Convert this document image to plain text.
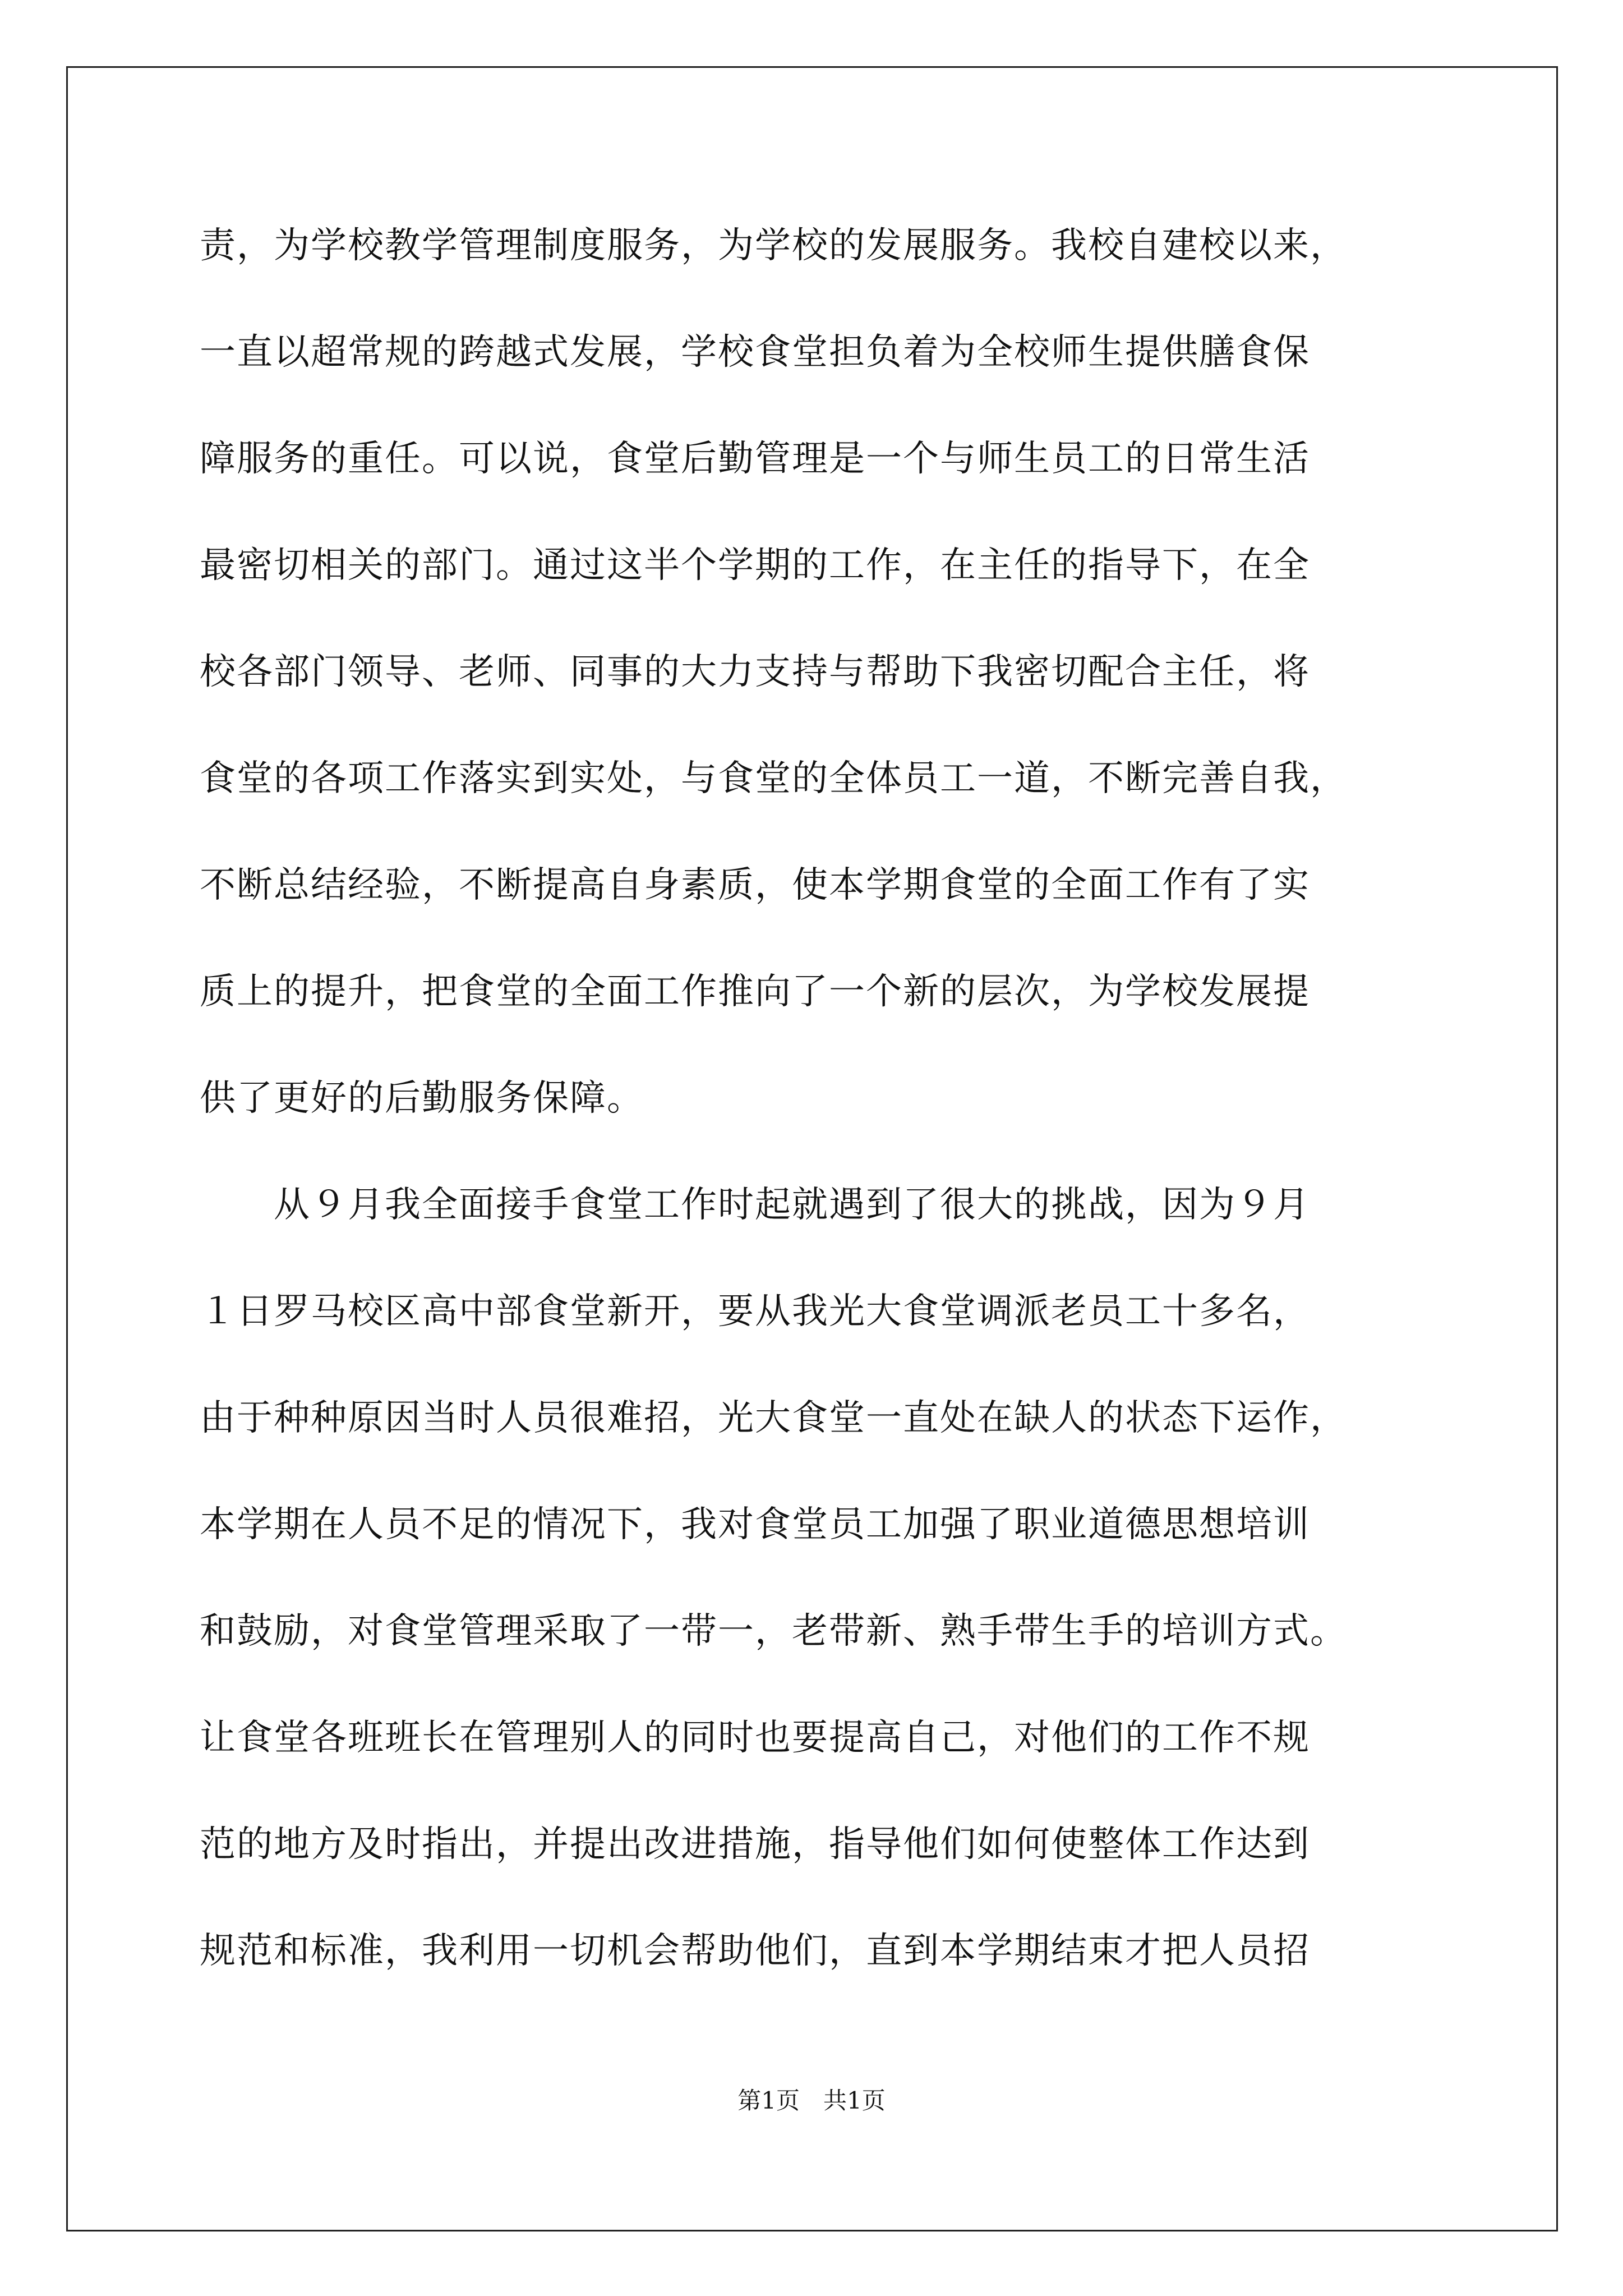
责，为学校教学管理制度服务，为学校的发展服务。我校自建校以来，
一直以超常规的跨越式发展，学校食堂担负着为全校师生提供膳食保
障服务的重任。可以说，食堂后勤管理是一个与师生员工的日常生活
最密切相关的部门。通过这半个学期的工作，在主任的指导下，在全
校各部门领导、老师、同事的大力支持与帮助下我密切配合主任，将
食堂的各项工作落实到实处，与食堂的全体员工一道，不断完善自我，
不断总结经验，不断提高自身素质，使本学期食堂的全面工作有了实
质上的提升，把食堂的全面工作推向了一个新的层次，为学校发展提
供了更好的后勤服务保障。
　　从９月我全面接手食堂工作时起就遇到了很大的挑战，因为９月
１日罗马校区高中部食堂新开，要从我光大食堂调派老员工十多名，
由于种种原因当时人员很难招，光大食堂一直处在缺人的状态下运作，
本学期在人员不足的情况下，我对食堂员工加强了职业道德思想培训
和鼓励，对食堂管理采取了一带一，老带新、熟手带生手的培训方式。
让食堂各班班长在管理别人的同时也要提高自己，对他们的工作不规
范的地方及时指出，并提出改进措施，指导他们如何使整体工作达到
规范和标准，我利用一切机会帮助他们，直到本学期结束才把人员招
第1页　共1页
